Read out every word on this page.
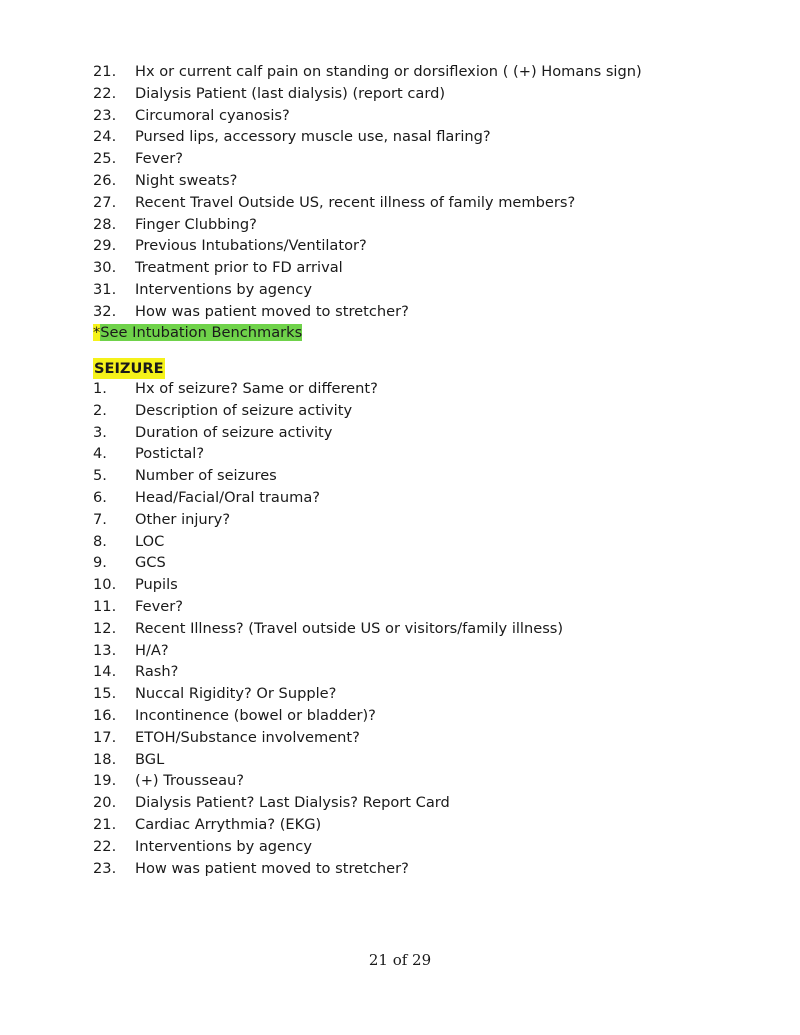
21. Hx or current calf pain on standing or dorsiflexion ( (+) Homans sign)
22. Dialysis Patient (last dialysis) (report card)
23. Circumoral cyanosis?
24. Pursed lips, accessory muscle use, nasal flaring?
25. Fever?
26. Night sweats?
27. Recent Travel Outside US, recent illness of family members?
28. Finger Clubbing?
29. Previous Intubations/Ventilator?
30. Treatment prior to FD arrival
31. Interventions by agency
32. How was patient moved to stretcher?
*See Intubation Benchmarks
SEIZURE
1. Hx of seizure? Same or different?
2. Description of seizure activity
3. Duration of seizure activity
4. Postictal?
5. Number of seizures
6. Head/Facial/Oral trauma?
7. Other injury?
8. LOC
9. GCS
10. Pupils
11. Fever?
12. Recent Illness? (Travel outside US or visitors/family illness)
13. H/A?
14. Rash?
15. Nuccal Rigidity? Or Supple?
16. Incontinence (bowel or bladder)?
17. ETOH/Substance involvement?
18. BGL
19. (+) Trousseau?
20. Dialysis Patient? Last Dialysis? Report Card
21. Cardiac Arrythmia? (EKG)
22. Interventions by agency
23. How was patient moved to stretcher?
21 of 29
